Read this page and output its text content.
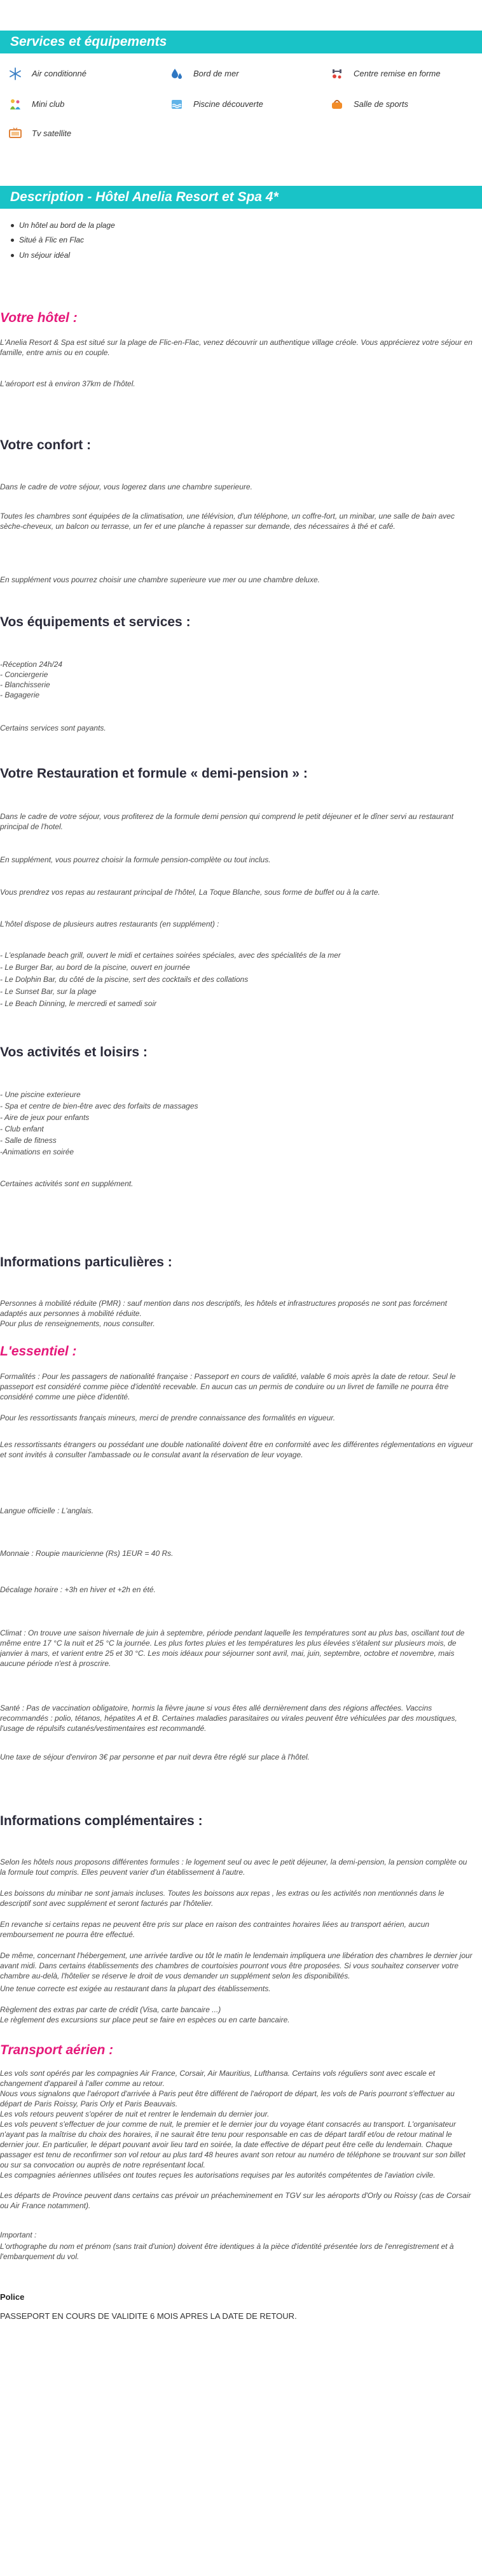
Services et équipements
Air conditionné	Bord de mer	Centre remise en forme
Mini club	Piscine découverte	Salle de sports
Tv satellite
Description - Hôtel Anelia Resort et Spa 4*
Un hôtel au bord de la plage
Situé à Flic en Flac
Un séjour idéal
Votre hôtel :
L'Anelia Resort & Spa est situé sur la plage de Flic-en-Flac, venez découvrir un authentique village créole. Vous apprécierez votre séjour en famille, entre amis ou en couple.
L'aéroport est à environ 37km de l'hôtel.
Votre confort :
Dans le cadre de votre séjour, vous logerez dans une chambre superieure.
Toutes les chambres sont équipées de la climatisation, une télévision, d'un téléphone, un coffre-fort, un minibar, une salle de bain avec sèche-cheveux, un balcon ou terrasse, un fer et une planche à repasser sur demande, des nécessaires à thé et café.
En supplément vous pourrez choisir une chambre superieure vue mer ou une chambre deluxe.
Vos équipements et services :
-Réception 24h/24
- Conciergerie
- Blanchisserie
- Bagagerie
Certains services sont payants.
Votre Restauration et formule « demi-pension » :
Dans le cadre de votre séjour, vous profiterez de la formule demi pension qui comprend le petit déjeuner et le dîner servi au restaurant principal de l'hotel.
En supplément, vous pourrez choisir la formule pension-complète ou tout inclus.
Vous prendrez vos repas au restaurant principal de l'hôtel, La Toque Blanche, sous forme de buffet ou à la carte.
L'hôtel dispose de plusieurs autres restaurants (en supplément) :
- L'esplanade beach grill, ouvert le midi et certaines soirées spéciales, avec des spécialités de la mer
- Le Burger Bar, au bord de la piscine, ouvert en journée
- Le Dolphin Bar, du côté de la piscine, sert des cocktails et des collations
- Le Sunset Bar, sur la plage
- Le Beach Dinning, le mercredi et samedi soir
Vos activités et loisirs :
- Une piscine exterieure
- Spa et centre de bien-être avec des forfaits de massages
- Aire de jeux pour enfants
- Club enfant
- Salle de fitness
-Animations en soirée
Certaines activités sont en supplément.
Informations particulières :
Personnes à mobilité réduite (PMR) : sauf mention dans nos descriptifs, les hôtels et infrastructures proposés ne sont pas forcément adaptés aux personnes à mobilité réduite.
Pour plus de renseignements, nous consulter.
L'essentiel :
Formalités : Pour les passagers de nationalité française : Passeport en cours de validité, valable 6 mois après la date de retour. Seul le passeport est considéré comme pièce d'identité recevable. En aucun cas un permis de conduire ou un livret de famille ne pourra être considéré comme une pièce d'identité.
Pour les ressortissants français mineurs, merci de prendre connaissance des formalités en vigueur.
Les ressortissants étrangers ou possédant une double nationalité doivent être en conformité avec les différentes réglementations en vigueur et sont invités à consulter l'ambassade ou le consulat avant la réservation de leur voyage.
Langue officielle : L'anglais.
Monnaie : Roupie mauricienne (Rs) 1EUR = 40 Rs.
Décalage horaire : +3h en hiver et +2h en été.
Climat : On trouve une saison hivernale de juin à septembre, période pendant laquelle les températures sont au plus bas, oscillant tout de même entre 17 °C la nuit et 25 °C la journée. Les plus fortes pluies et les températures les plus élevées s'étalent sur plusieurs mois, de janvier à mars, et varient entre 25 et 30 °C. Les mois idéaux pour séjourner sont avril, mai, juin, septembre, octobre et novembre, mais aucune période n'est à proscrire.
Santé : Pas de vaccination obligatoire, hormis la fièvre jaune si vous êtes allé dernièrement dans des régions affectées. Vaccins recommandés : polio, tétanos, hépatites A et B. Certaines maladies parasitaires ou virales peuvent être véhiculées par des moustiques, l'usage de répulsifs cutanés/vestimentaires est recommandé.
Une taxe de séjour d'environ 3€ par personne et par nuit devra être réglé sur place à l'hôtel.
Informations complémentaires :
Selon les hôtels nous proposons différentes formules : le logement seul ou avec le petit déjeuner, la demi-pension, la pension complète ou la formule tout compris. Elles peuvent varier d'un établissement à l'autre.
Les boissons du minibar ne sont jamais incluses. Toutes les boissons aux repas , les extras ou les activités non mentionnés dans le descriptif sont avec supplément et seront facturés par l'hôtelier.
En revanche si certains repas ne peuvent être pris sur place en raison des contraintes horaires liées au transport aérien, aucun remboursement ne pourra être effectué.
De même, concernant l'hébergement, une arrivée tardive ou tôt le matin le lendemain impliquera une libération des chambres le dernier jour avant midi. Dans certains établissements des chambres de courtoisies pourront vous être proposées. Si vous souhaitez conserver votre chambre au-delà, l'hôtelier se réserve le droit de vous demander un supplément selon les disponibilités.
Une tenue correcte est exigée au restaurant dans la plupart des établissements.
Règlement des extras par carte de crédit (Visa, carte bancaire ...)
Le règlement des excursions sur place peut se faire en espèces ou en carte bancaire.
Transport aérien :
Les vols sont opérés par les compagnies Air France, Corsair, Air Mauritius, Lufthansa. Certains vols réguliers sont avec escale et changement d'appareil à l'aller comme au retour.
Nous vous signalons que l'aéroport d'arrivée à Paris peut être différent de l'aéroport de départ, les vols de Paris pourront s'effectuer au départ de Paris Roissy, Paris Orly et Paris Beauvais.
Les vols retours peuvent s'opérer de nuit et rentrer le lendemain du dernier jour.
Les vols peuvent s'effectuer de jour comme de nuit, le premier et le dernier jour du voyage étant consacrés au transport. L'organisateur n'ayant pas la maîtrise du choix des horaires, il ne saurait être tenu pour responsable en cas de départ tardif et/ou de retour matinal le dernier jour. En particulier, le départ pouvant avoir lieu tard en soirée, la date effective de départ peut être celle du lendemain. Chaque passager est tenu de reconfirmer son vol retour au plus tard 48 heures avant son retour au numéro de téléphone se trouvant sur son billet ou sur sa convocation ou auprès de notre représentant local.
Les compagnies aériennes utilisées ont toutes reçues les autorisations requises par les autorités compétentes de l'aviation civile.
Les départs de Province peuvent dans certains cas prévoir un préacheminement en TGV sur les aéroports d'Orly ou Roissy (cas de Corsair ou Air France notamment).
Important :
L'orthographe du nom et prénom (sans trait d'union) doivent être identiques à la pièce d'identité présentée lors de l'enregistrement et à l'embarquement du vol.
Police
PASSEPORT EN COURS DE VALIDITE 6 MOIS APRES LA DATE DE RETOUR.
